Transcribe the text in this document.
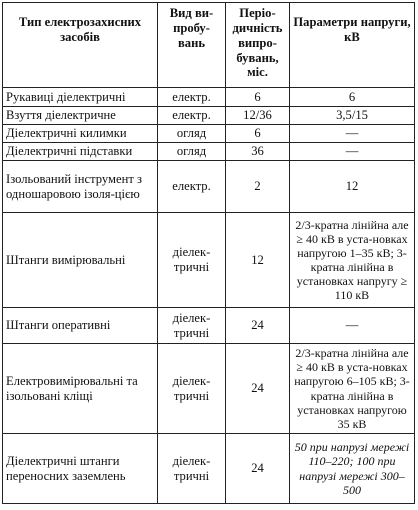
Тип електрозахисних засобів	Вид ви-пробу-вань	Періо-дичність випро-бувань, міс.	Параметри напруги, кВ
Рукавиці діелектричні	електр.	6	6
Взуття діелектричне	електр.	12/36	3,5/15
Діелектричні килимки	огляд	6	—
Діелектричні підставки	огляд	36	—
Ізольований інструмент з одношаровою ізоля-цією	електр.	2	12
Штанги вимірювальні	діелек-тричні	12	2/3-кратна лінійна але ≥ 40 кВ в уста-новках напругою 1–35 кВ; 3-кратна лінійна в установках напругу ≥ 110 кВ
Штанги оперативні	діелек-тричні	24	—
Електровимірювальні та ізольовані кліщі	діелек-тричні	24	2/3-кратна лінійна але ≥ 40 кВ в уста-новках напругою 6–105 кВ; 3-кратна лінійна в установках напругою 35 кВ
Діелектричні штанги переносних заземлень	діелек-тричні	24	50 при напрузі мережі 110–220; 100 при напрузі мережі 300–500
